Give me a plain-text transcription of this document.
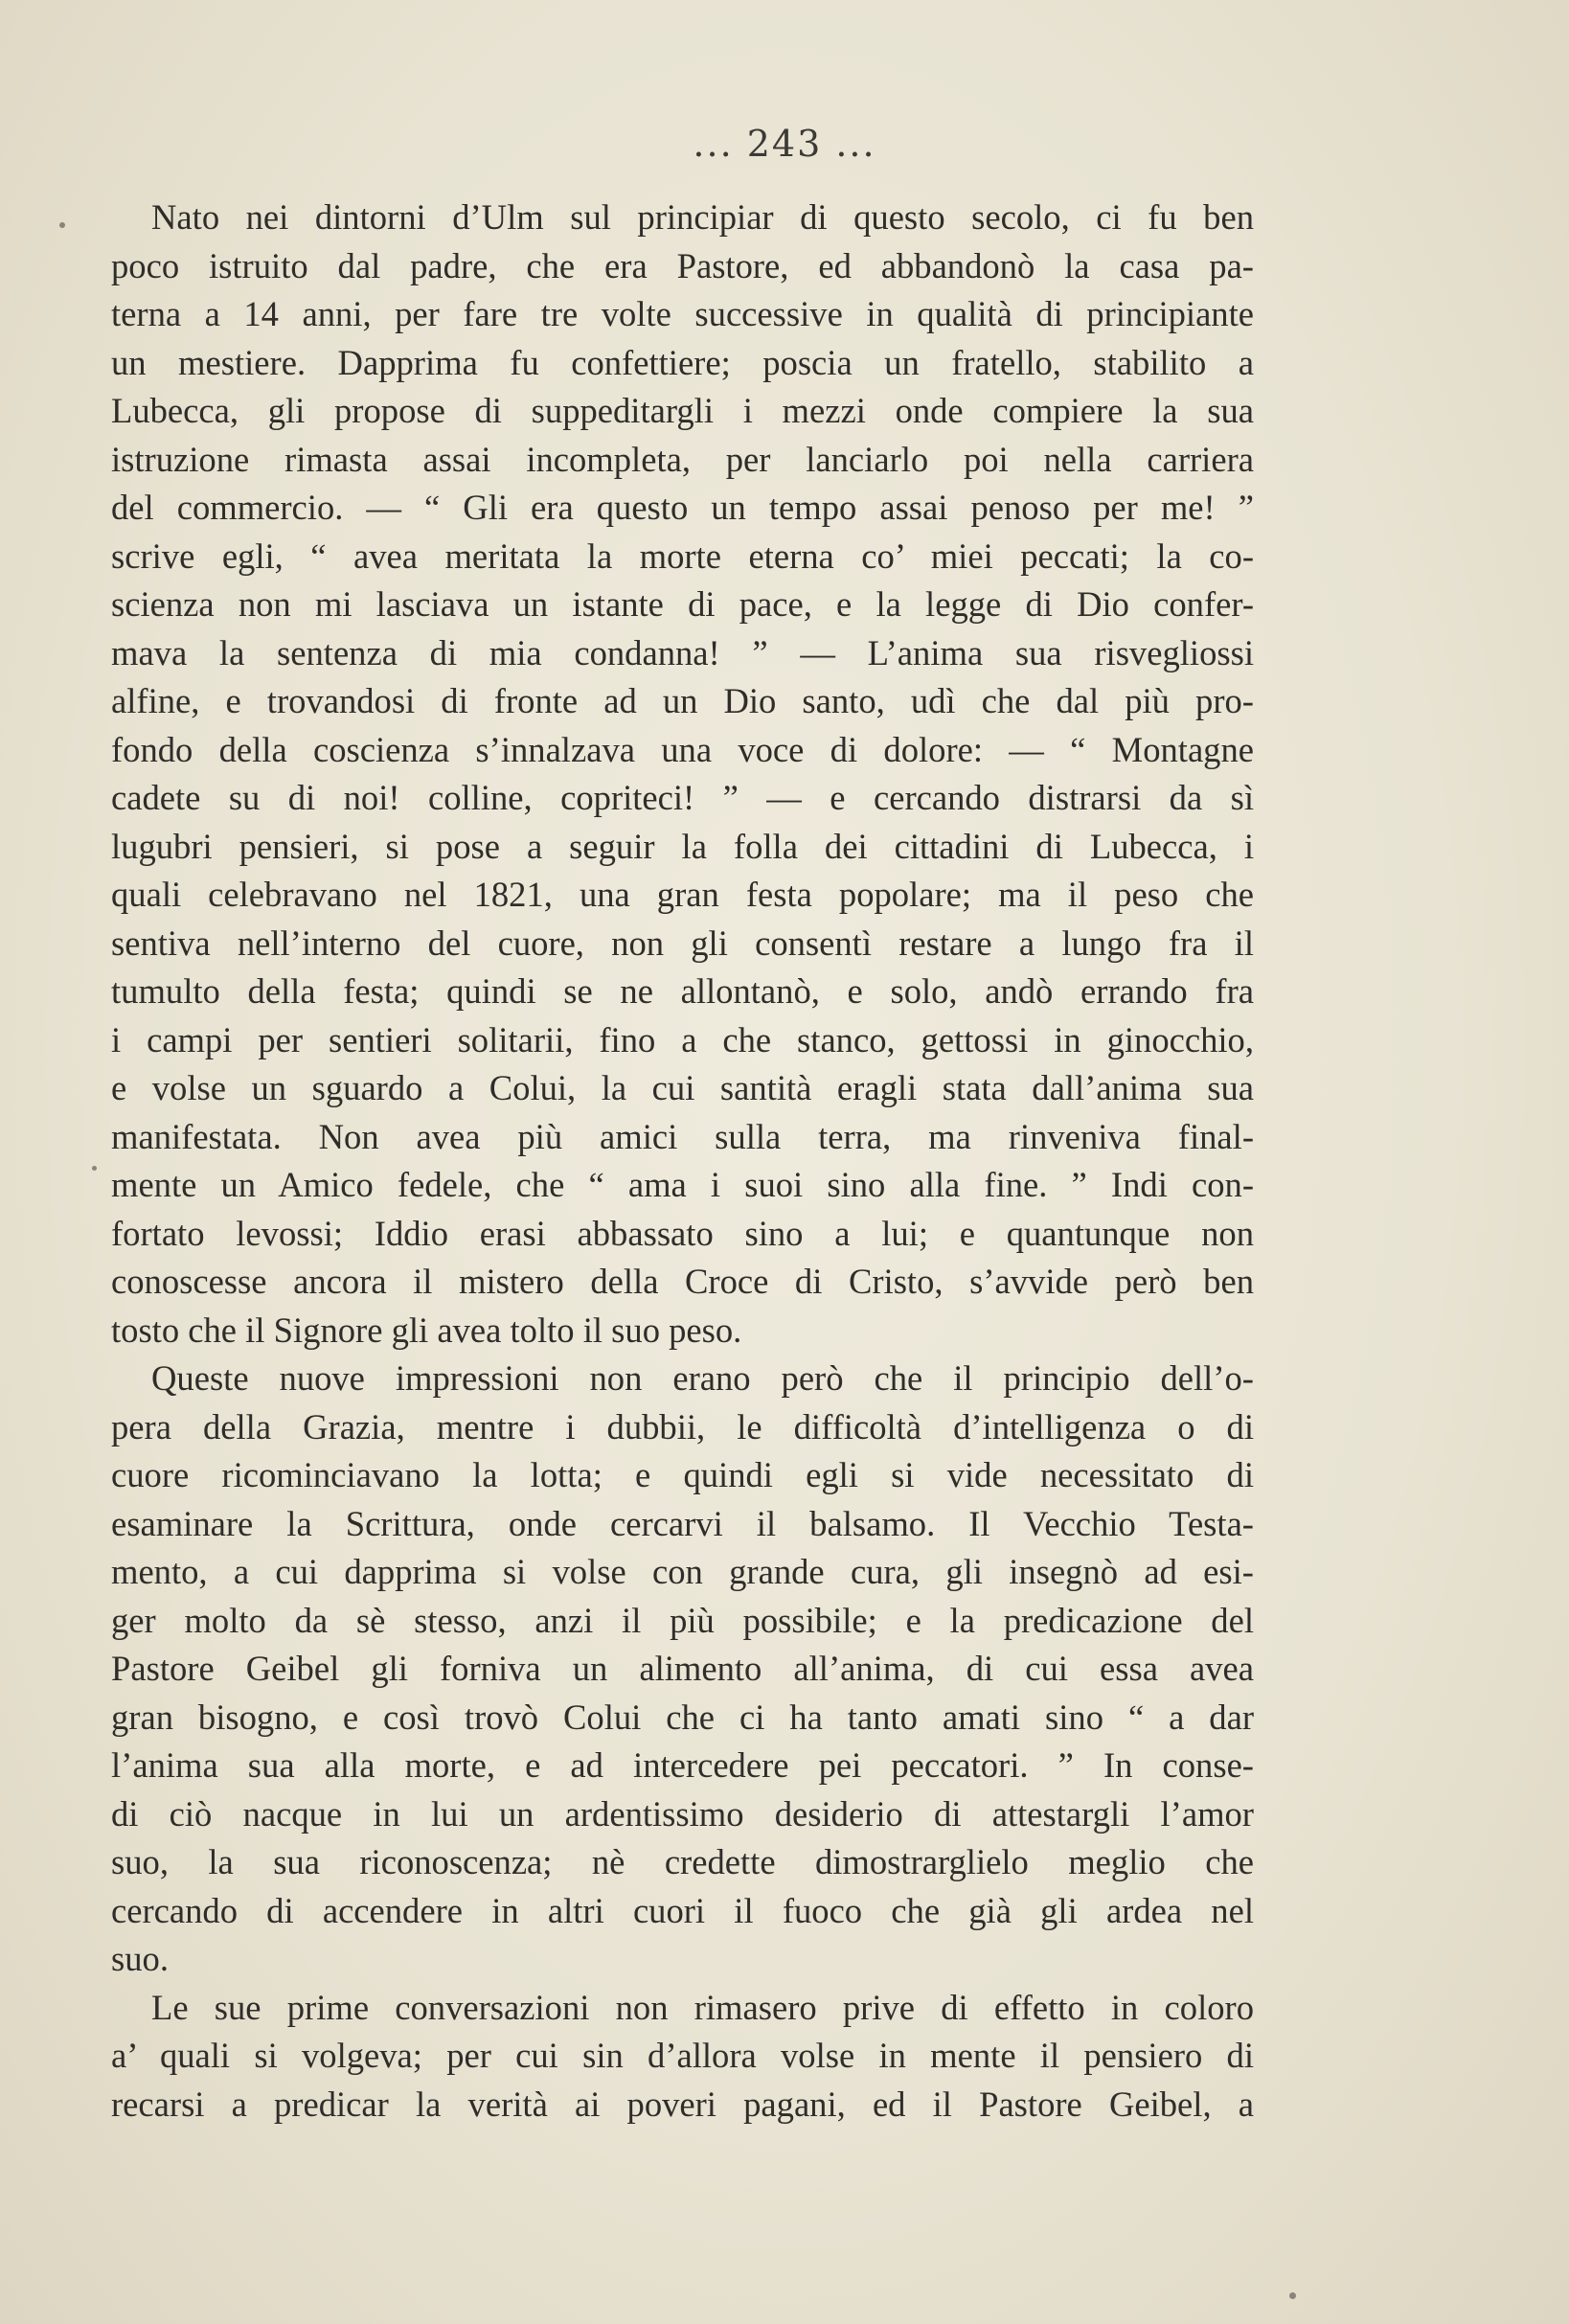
... 243 ...
Nato nei dintorni d’Ulm sul principiar di questo secolo, ci fu ben
poco istruito dal padre, che era Pastore, ed abbandonò la casa pa-
terna a 14 anni, per fare tre volte successive in qualità di principiante
un mestiere. Dapprima fu confettiere; poscia un fratello, stabilito a
Lubecca, gli propose di suppeditargli i mezzi onde compiere la sua
istruzione rimasta assai incompleta, per lanciarlo poi nella carriera
del commercio. — “ Gli era questo un tempo assai penoso per me! ”
scrive egli, “ avea meritata la morte eterna co’ miei peccati; la co-
scienza non mi lasciava un istante di pace, e la legge di Dio confer-
mava la sentenza di mia condanna! ” — L’anima sua risvegliossi
alfine, e trovandosi di fronte ad un Dio santo, udì che dal più pro-
fondo della coscienza s’innalzava una voce di dolore: — “ Montagne
cadete su di noi! colline, copriteci! ” — e cercando distrarsi da sì
lugubri pensieri, si pose a seguir la folla dei cittadini di Lubecca, i
quali celebravano nel 1821, una gran festa popolare; ma il peso che
sentiva nell’interno del cuore, non gli consentì restare a lungo fra il
tumulto della festa; quindi se ne allontanò, e solo, andò errando fra
i campi per sentieri solitarii, fino a che stanco, gettossi in ginocchio,
e volse un sguardo a Colui, la cui santità eragli stata dall’anima sua
manifestata. Non avea più amici sulla terra, ma rinveniva final-
mente un Amico fedele, che “ ama i suoi sino alla fine. ” Indi con-
fortato levossi; Iddio erasi abbassato sino a lui; e quantunque non
conoscesse ancora il mistero della Croce di Cristo, s’avvide però ben
tosto che il Signore gli avea tolto il suo peso.
Queste nuove impressioni non erano però che il principio dell’o-
pera della Grazia, mentre i dubbii, le difficoltà d’intelligenza o di
cuore ricominciavano la lotta; e quindi egli si vide necessitato di
esaminare la Scrittura, onde cercarvi il balsamo. Il Vecchio Testa-
mento, a cui dapprima si volse con grande cura, gli insegnò ad esi-
ger molto da sè stesso, anzi il più possibile; e la predicazione del
Pastore Geibel gli forniva un alimento all’anima, di cui essa avea
gran bisogno, e così trovò Colui che ci ha tanto amati sino “ a dar
l’anima sua alla morte, e ad intercedere pei peccatori. ” In conse-
di ciò nacque in lui un ardentissimo desiderio di attestargli l’amor
suo, la sua riconoscenza; nè credette dimostrarglielo meglio che
cercando di accendere in altri cuori il fuoco che già gli ardea nel
suo.
Le sue prime conversazioni non rimasero prive di effetto in coloro
a’ quali si volgeva; per cui sin d’allora volse in mente il pensiero di
recarsi a predicar la verità ai poveri pagani, ed il Pastore Geibel, a
